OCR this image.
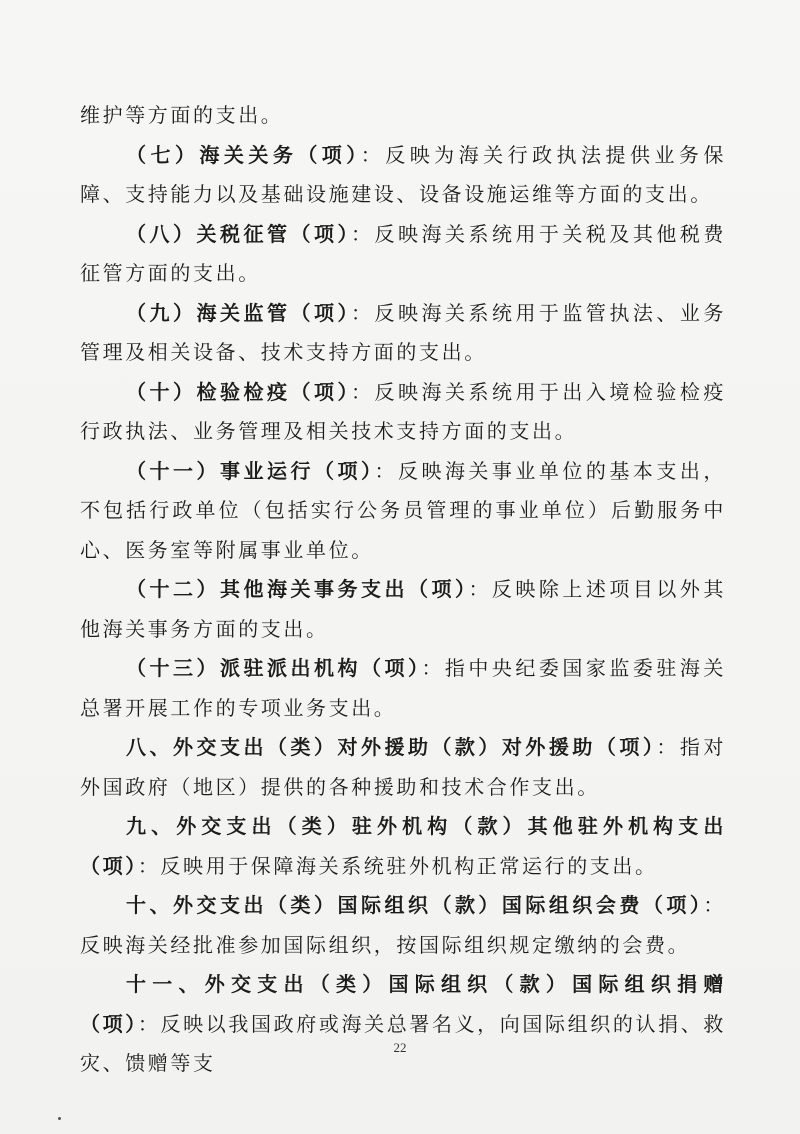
维护等方面的支出。

（七）海关关务（项）：反映为海关行政执法提供业务保障、支持能力以及基础设施建设、设备设施运维等方面的支出。

（八）关税征管（项）：反映海关系统用于关税及其他税费征管方面的支出。

（九）海关监管（项）：反映海关系统用于监管执法、业务管理及相关设备、技术支持方面的支出。

（十）检验检疫（项）：反映海关系统用于出入境检验检疫行政执法、业务管理及相关技术支持方面的支出。

（十一）事业运行（项）：反映海关事业单位的基本支出，不包括行政单位（包括实行公务员管理的事业单位）后勤服务中心、医务室等附属事业单位。

（十二）其他海关事务支出（项）：反映除上述项目以外其他海关事务方面的支出。

（十三）派驻派出机构（项）：指中央纪委国家监委驻海关总署开展工作的专项业务支出。

八、外交支出（类）对外援助（款）对外援助（项）：指对外国政府（地区）提供的各种援助和技术合作支出。

九、外交支出（类）驻外机构（款）其他驻外机构支出（项）：反映用于保障海关系统驻外机构正常运行的支出。

十、外交支出（类）国际组织（款）国际组织会费（项）：反映海关经批准参加国际组织，按国际组织规定缴纳的会费。

十一、外交支出（类）国际组织（款）国际组织捐赠（项）：反映以我国政府或海关总署名义，向国际组织的认捐、救灾、馈赠等支

22
